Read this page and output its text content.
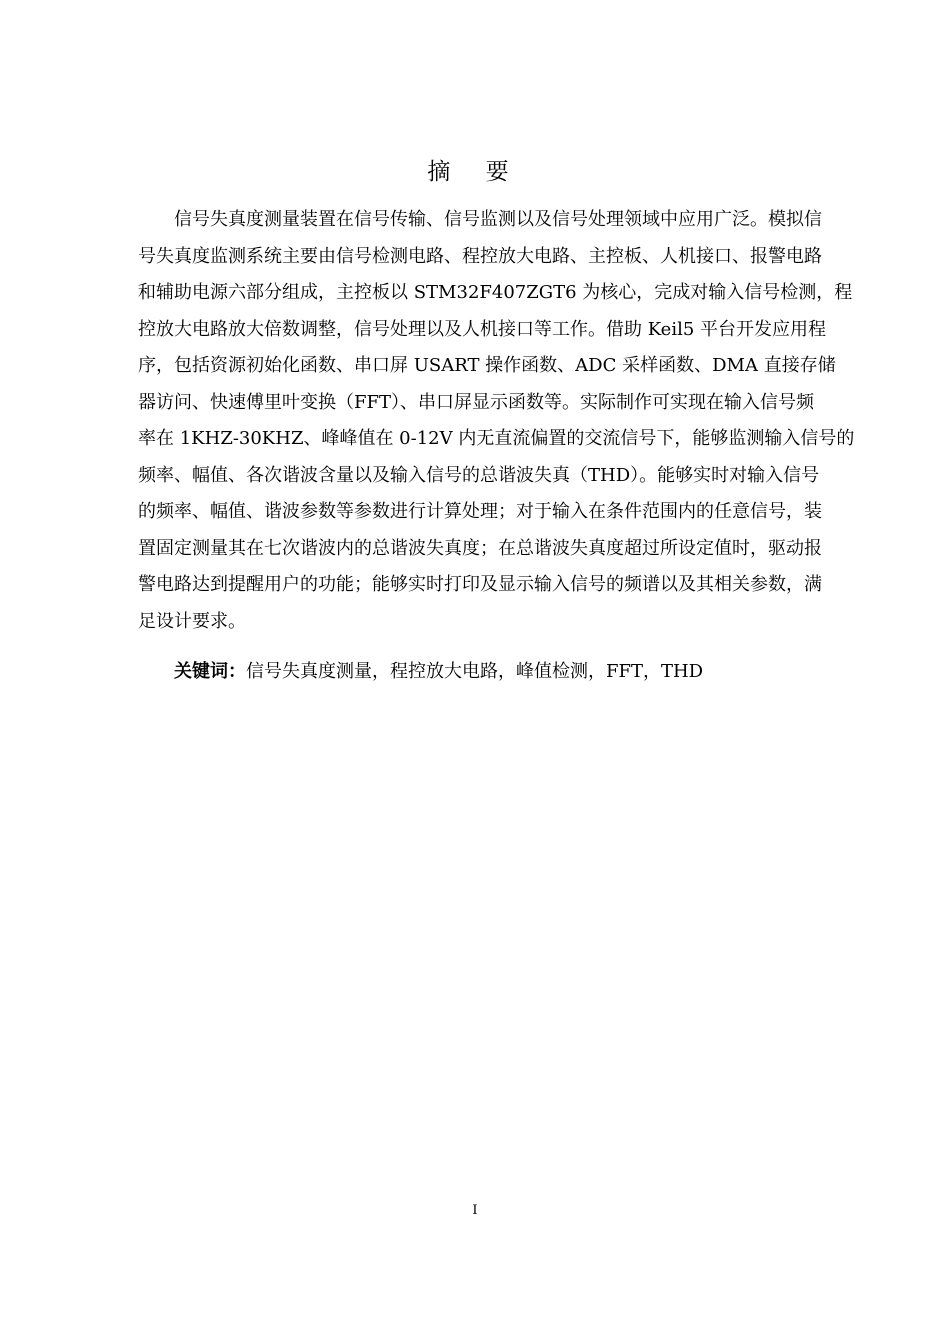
摘 要
信号失真度测量装置在信号传输、信号监测以及信号处理领域中应用广泛。模拟信
号失真度监测系统主要由信号检测电路、程控放大电路、主控板、人机接口、报警电路
和辅助电源六部分组成，主控板以 STM32F407ZGT6 为核心，完成对输入信号检测，程
控放大电路放大倍数调整，信号处理以及人机接口等工作。借助 Keil5 平台开发应用程
序，包括资源初始化函数、串口屏 USART 操作函数、ADC 采样函数、DMA 直接存储
器访问、快速傅里叶变换（FFT）、串口屏显示函数等。实际制作可实现在输入信号频
率在 1KHZ-30KHZ、峰峰值在 0-12V 内无直流偏置的交流信号下，能够监测输入信号的
频率、幅值、各次谐波含量以及输入信号的总谐波失真（THD）。能够实时对输入信号
的频率、幅值、谐波参数等参数进行计算处理；对于输入在条件范围内的任意信号，装
置固定测量其在七次谐波内的总谐波失真度；在总谐波失真度超过所设定值时，驱动报
警电路达到提醒用户的功能；能够实时打印及显示输入信号的频谱以及其相关参数，满
足设计要求。
关键词：信号失真度测量，程控放大电路，峰值检测，FFT，THD
I
